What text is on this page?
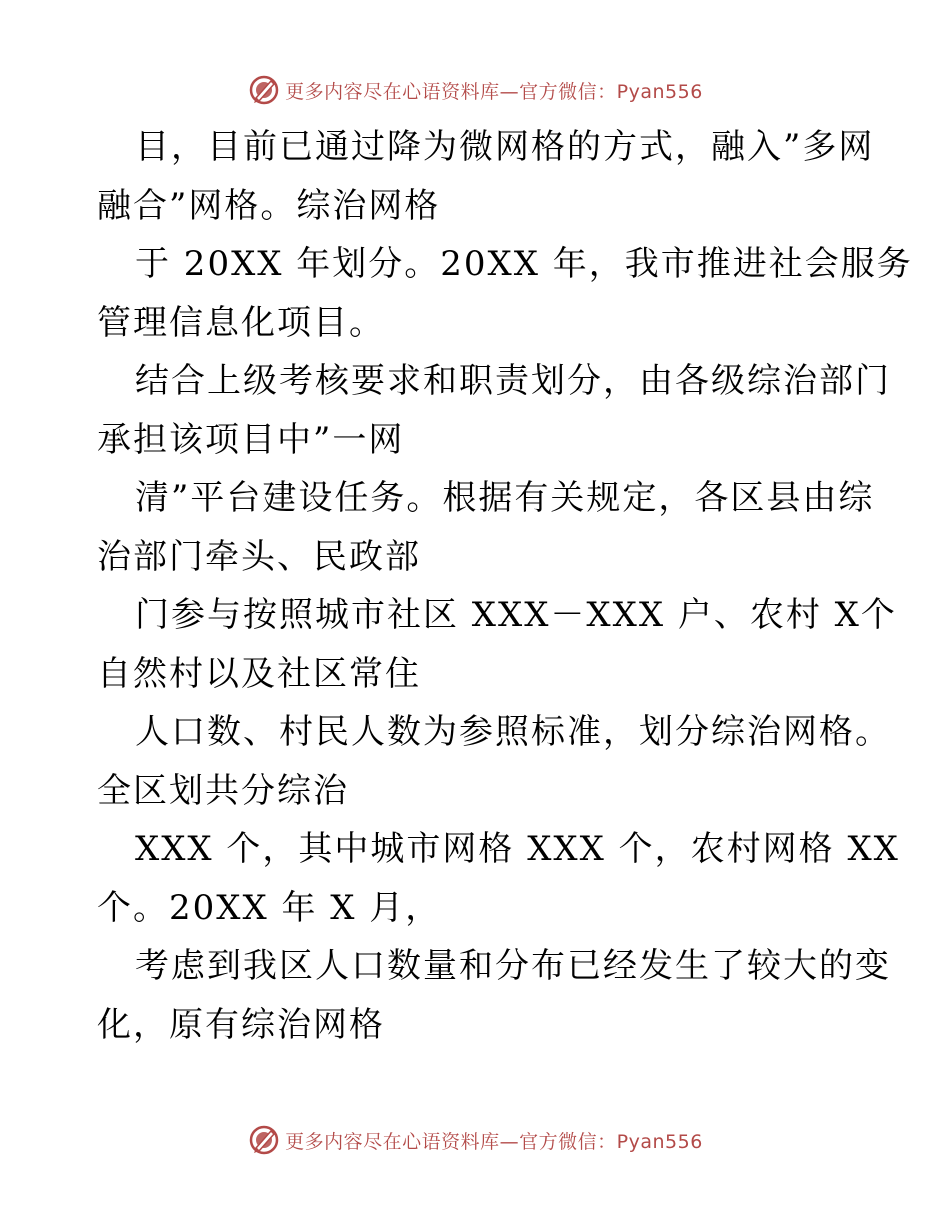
更多内容尽在心语资料库—官方微信：Pyan556
目，目前已通过降为微网格的方式，融入”多网
融合”网格。综治网格
于 20XX 年划分。20XX 年，我市推进社会服务
管理信息化项目。
结合上级考核要求和职责划分，由各级综治部门
承担该项目中”一网
清”平台建设任务。根据有关规定，各区县由综
治部门牵头、民政部
门参与按照城市社区 XXX－XXX 户、农村 X个
自然村以及社区常住
人口数、村民人数为参照标准，划分综治网格。
全区划共分综治
XXX 个，其中城市网格 XXX 个，农村网格 XX
个。20XX 年 X 月，
考虑到我区人口数量和分布已经发生了较大的变
化，原有综治网格
更多内容尽在心语资料库—官方微信：Pyan556
